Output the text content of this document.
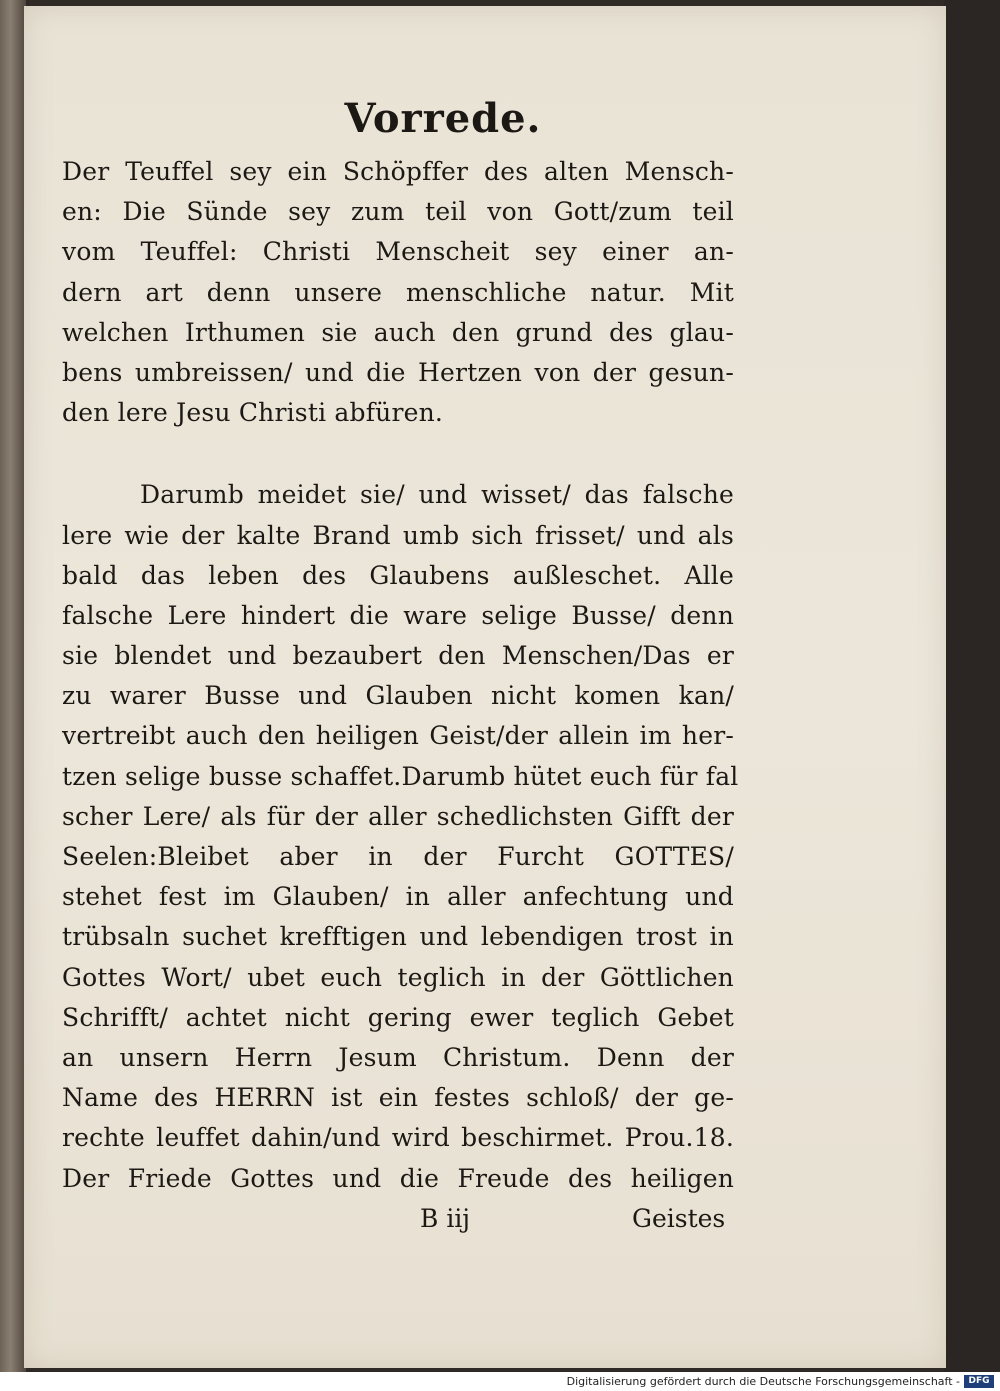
Vorrede.
Der Teuffel sey ein Schöpffer des alten Mensch-
en: Die Sünde sey zum teil von Gott/zum teil
vom Teuffel: Christi Menscheit sey einer an-
dern art denn unsere menschliche natur. Mit
welchen Irthumen sie auch den grund des glau-
bens umbreissen/ und die Hertzen von der gesun-
den lere Jesu Christi abfüren.
Darumb meidet sie/ und wisset/ das falsche
lere wie der kalte Brand umb sich frisset/ und als
bald das leben des Glaubens außleschet. Alle
falsche Lere hindert die ware selige Busse/ denn
sie blendet und bezaubert den Menschen/Das er
zu warer Busse und Glauben nicht komen kan/
vertreibt auch den heiligen Geist/der allein im her-
tzen selige busse schaffet.Darumb hütet euch für fal
scher Lere/ als für der aller schedlichsten Gifft der
Seelen:Bleibet aber in der Furcht GOTTES/
stehet fest im Glauben/ in aller anfechtung und
trübsaln suchet krefftigen und lebendigen trost in
Gottes Wort/ ubet euch teglich in der Göttlichen
Schrifft/ achtet nicht gering ewer teglich Gebet
an unsern Herrn Jesum Christum. Denn der
Name des HERRN ist ein festes schloß/ der ge-
rechte leuffet dahin/und wird beschirmet. Prou.18.
Der Friede Gottes und die Freude des heiligen
B iij	Geistes
Digitalisierung gefördert durch die Deutsche Forschungsgemeinschaft - DFG
